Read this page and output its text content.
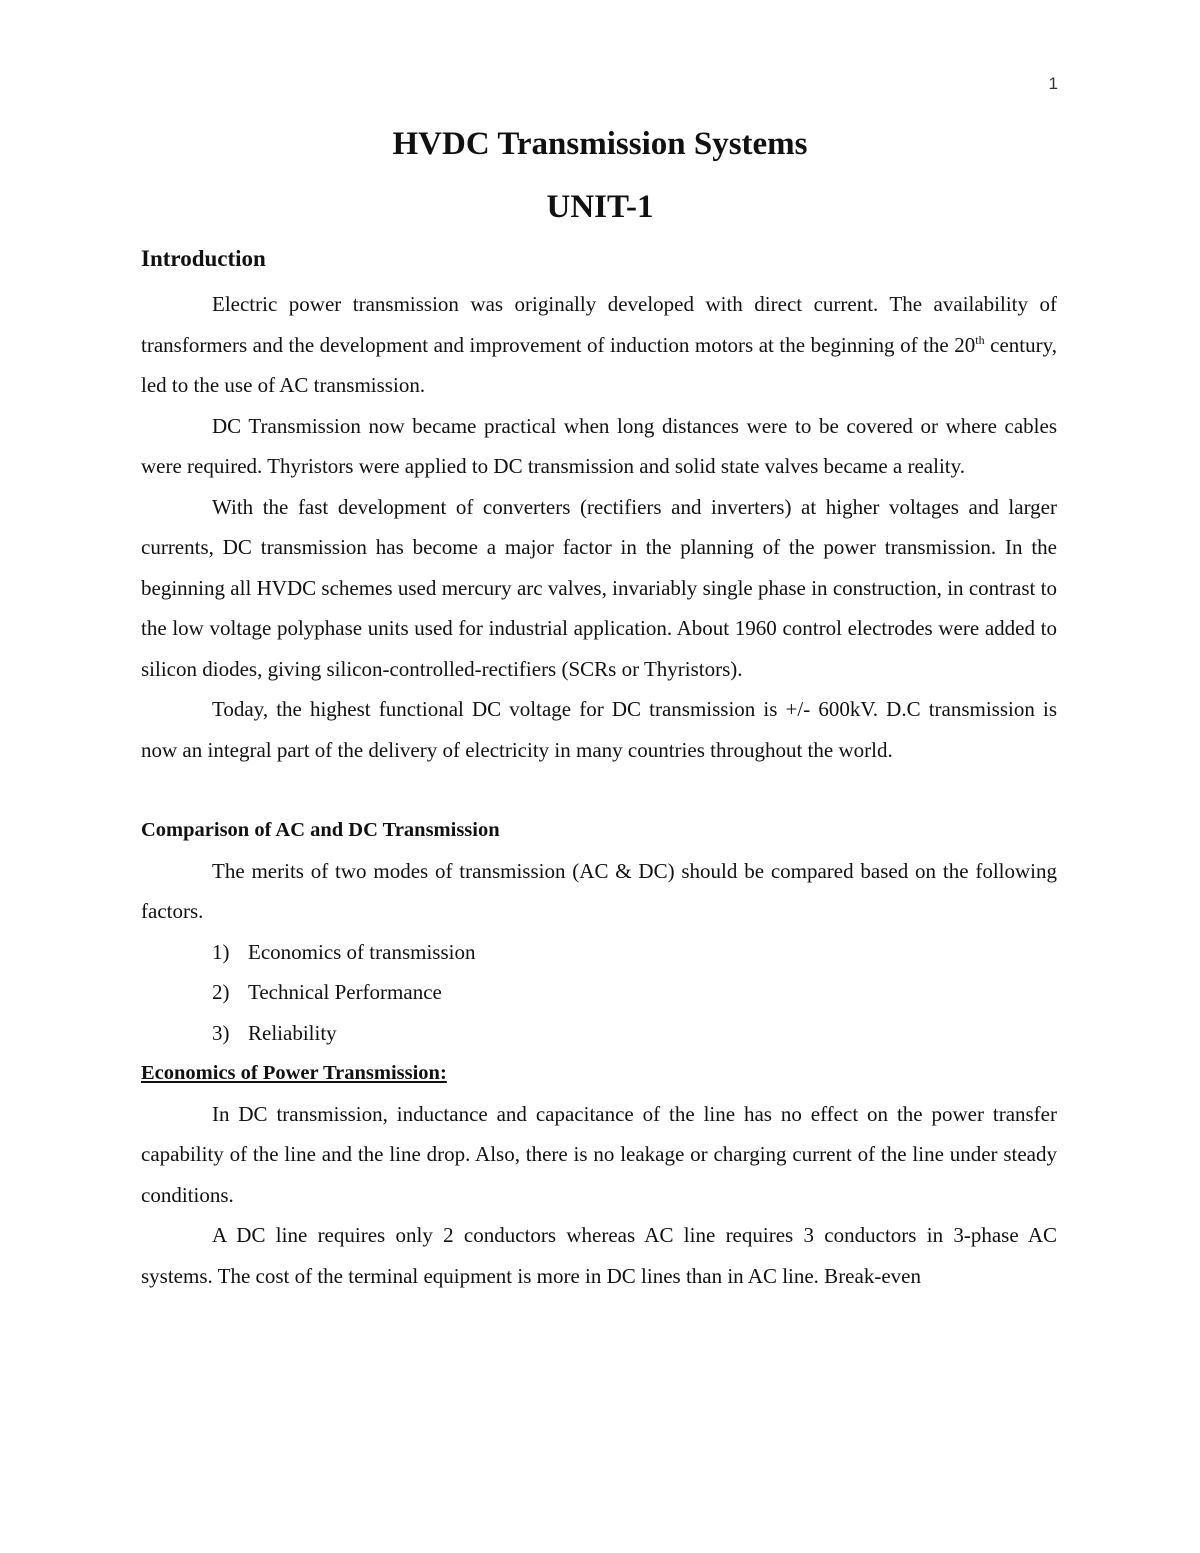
1
HVDC Transmission Systems
UNIT-1
Introduction

Electric power transmission was originally developed with direct current. The availability of transformers and the development and improvement of induction motors at the beginning of the 20th century, led to the use of AC transmission.

DC Transmission now became practical when long distances were to be covered or where cables were required. Thyristors were applied to DC transmission and solid state valves became a reality.

With the fast development of converters (rectifiers and inverters) at higher voltages and larger currents, DC transmission has become a major factor in the planning of the power transmission. In the beginning all HVDC schemes used mercury arc valves, invariably single phase in construction, in contrast to the low voltage polyphase units used for industrial application. About 1960 control electrodes were added to silicon diodes, giving silicon-controlled-rectifiers (SCRs or Thyristors).

Today, the highest functional DC voltage for DC transmission is +/- 600kV. D.C transmission is now an integral part of the delivery of electricity in many countries throughout the world.

Comparison of AC and DC Transmission

The merits of two modes of transmission (AC & DC) should be compared based on the following factors.

1) Economics of transmission
2) Technical Performance
3) Reliability
Economics of Power Transmission:

In DC transmission, inductance and capacitance of the line has no effect on the power transfer capability of the line and the line drop. Also, there is no leakage or charging current of the line under steady conditions.

A DC line requires only 2 conductors whereas AC line requires 3 conductors in 3-phase AC systems. The cost of the terminal equipment is more in DC lines than in AC line. Break-even
